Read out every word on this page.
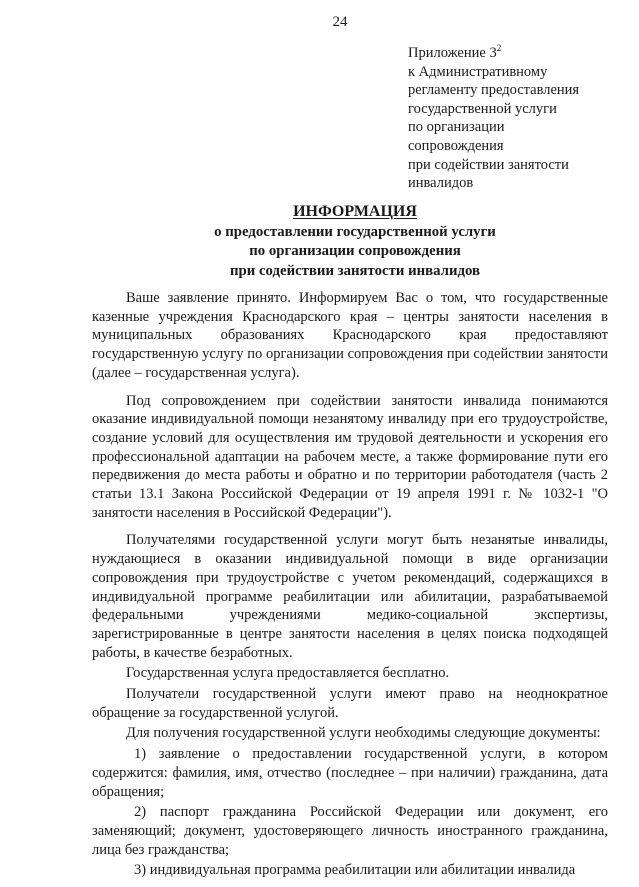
24
Приложение $3^2$
к Административному
регламенту предоставления
государственной услуги
по организации
сопровождения
при содействии занятости
инвалидов
ИНФОРМАЦИЯ
о предоставлении государственной услуги
по организации сопровождения
при содействии занятости инвалидов

Ваше заявление принято. Информируем Вас о том, что государственные казенные учреждения Краснодарского края – центры занятости населения в муниципальных образованиях Краснодарского края предоставляют государственную услугу по организации сопровождения при содействии занятости (далее – государственная услуга).

Под сопровождением при содействии занятости инвалида понимаются оказание индивидуальной помощи незанятому инвалиду при его трудоустройстве, создание условий для осуществления им трудовой деятельности и ускорения его профессиональной адаптации на рабочем месте, а также формирование пути его передвижения до места работы и обратно и по территории работодателя (часть 2 статьи 13.1 Закона Российской Федерации от 19 апреля 1991 г. № 1032-1 "О занятости населения в Российской Федерации").

Получателями государственной услуги могут быть незанятые инвалиды, нуждающиеся в оказании индивидуальной помощи в виде организации сопровождения при трудоустройстве с учетом рекомендаций, содержащихся в индивидуальной программе реабилитации или абилитации, разрабатываемой федеральными учреждениями медико-социальной экспертизы, зарегистрированные в центре занятости населения в целях поиска подходящей работы, в качестве безработных.

Государственная услуга предоставляется бесплатно.

Получатели государственной услуги имеют право на неоднократное обращение за государственной услугой.

Для получения государственной услуги необходимы следующие документы:

1) заявление о предоставлении государственной услуги, в котором содержится: фамилия, имя, отчество (последнее – при наличии) гражданина, дата обращения;

2) паспорт гражданина Российской Федерации или документ, его заменяющий; документ, удостоверяющего личность иностранного гражданина, лица без гражданства;

3) индивидуальная программа реабилитации или абилитации инвалида
